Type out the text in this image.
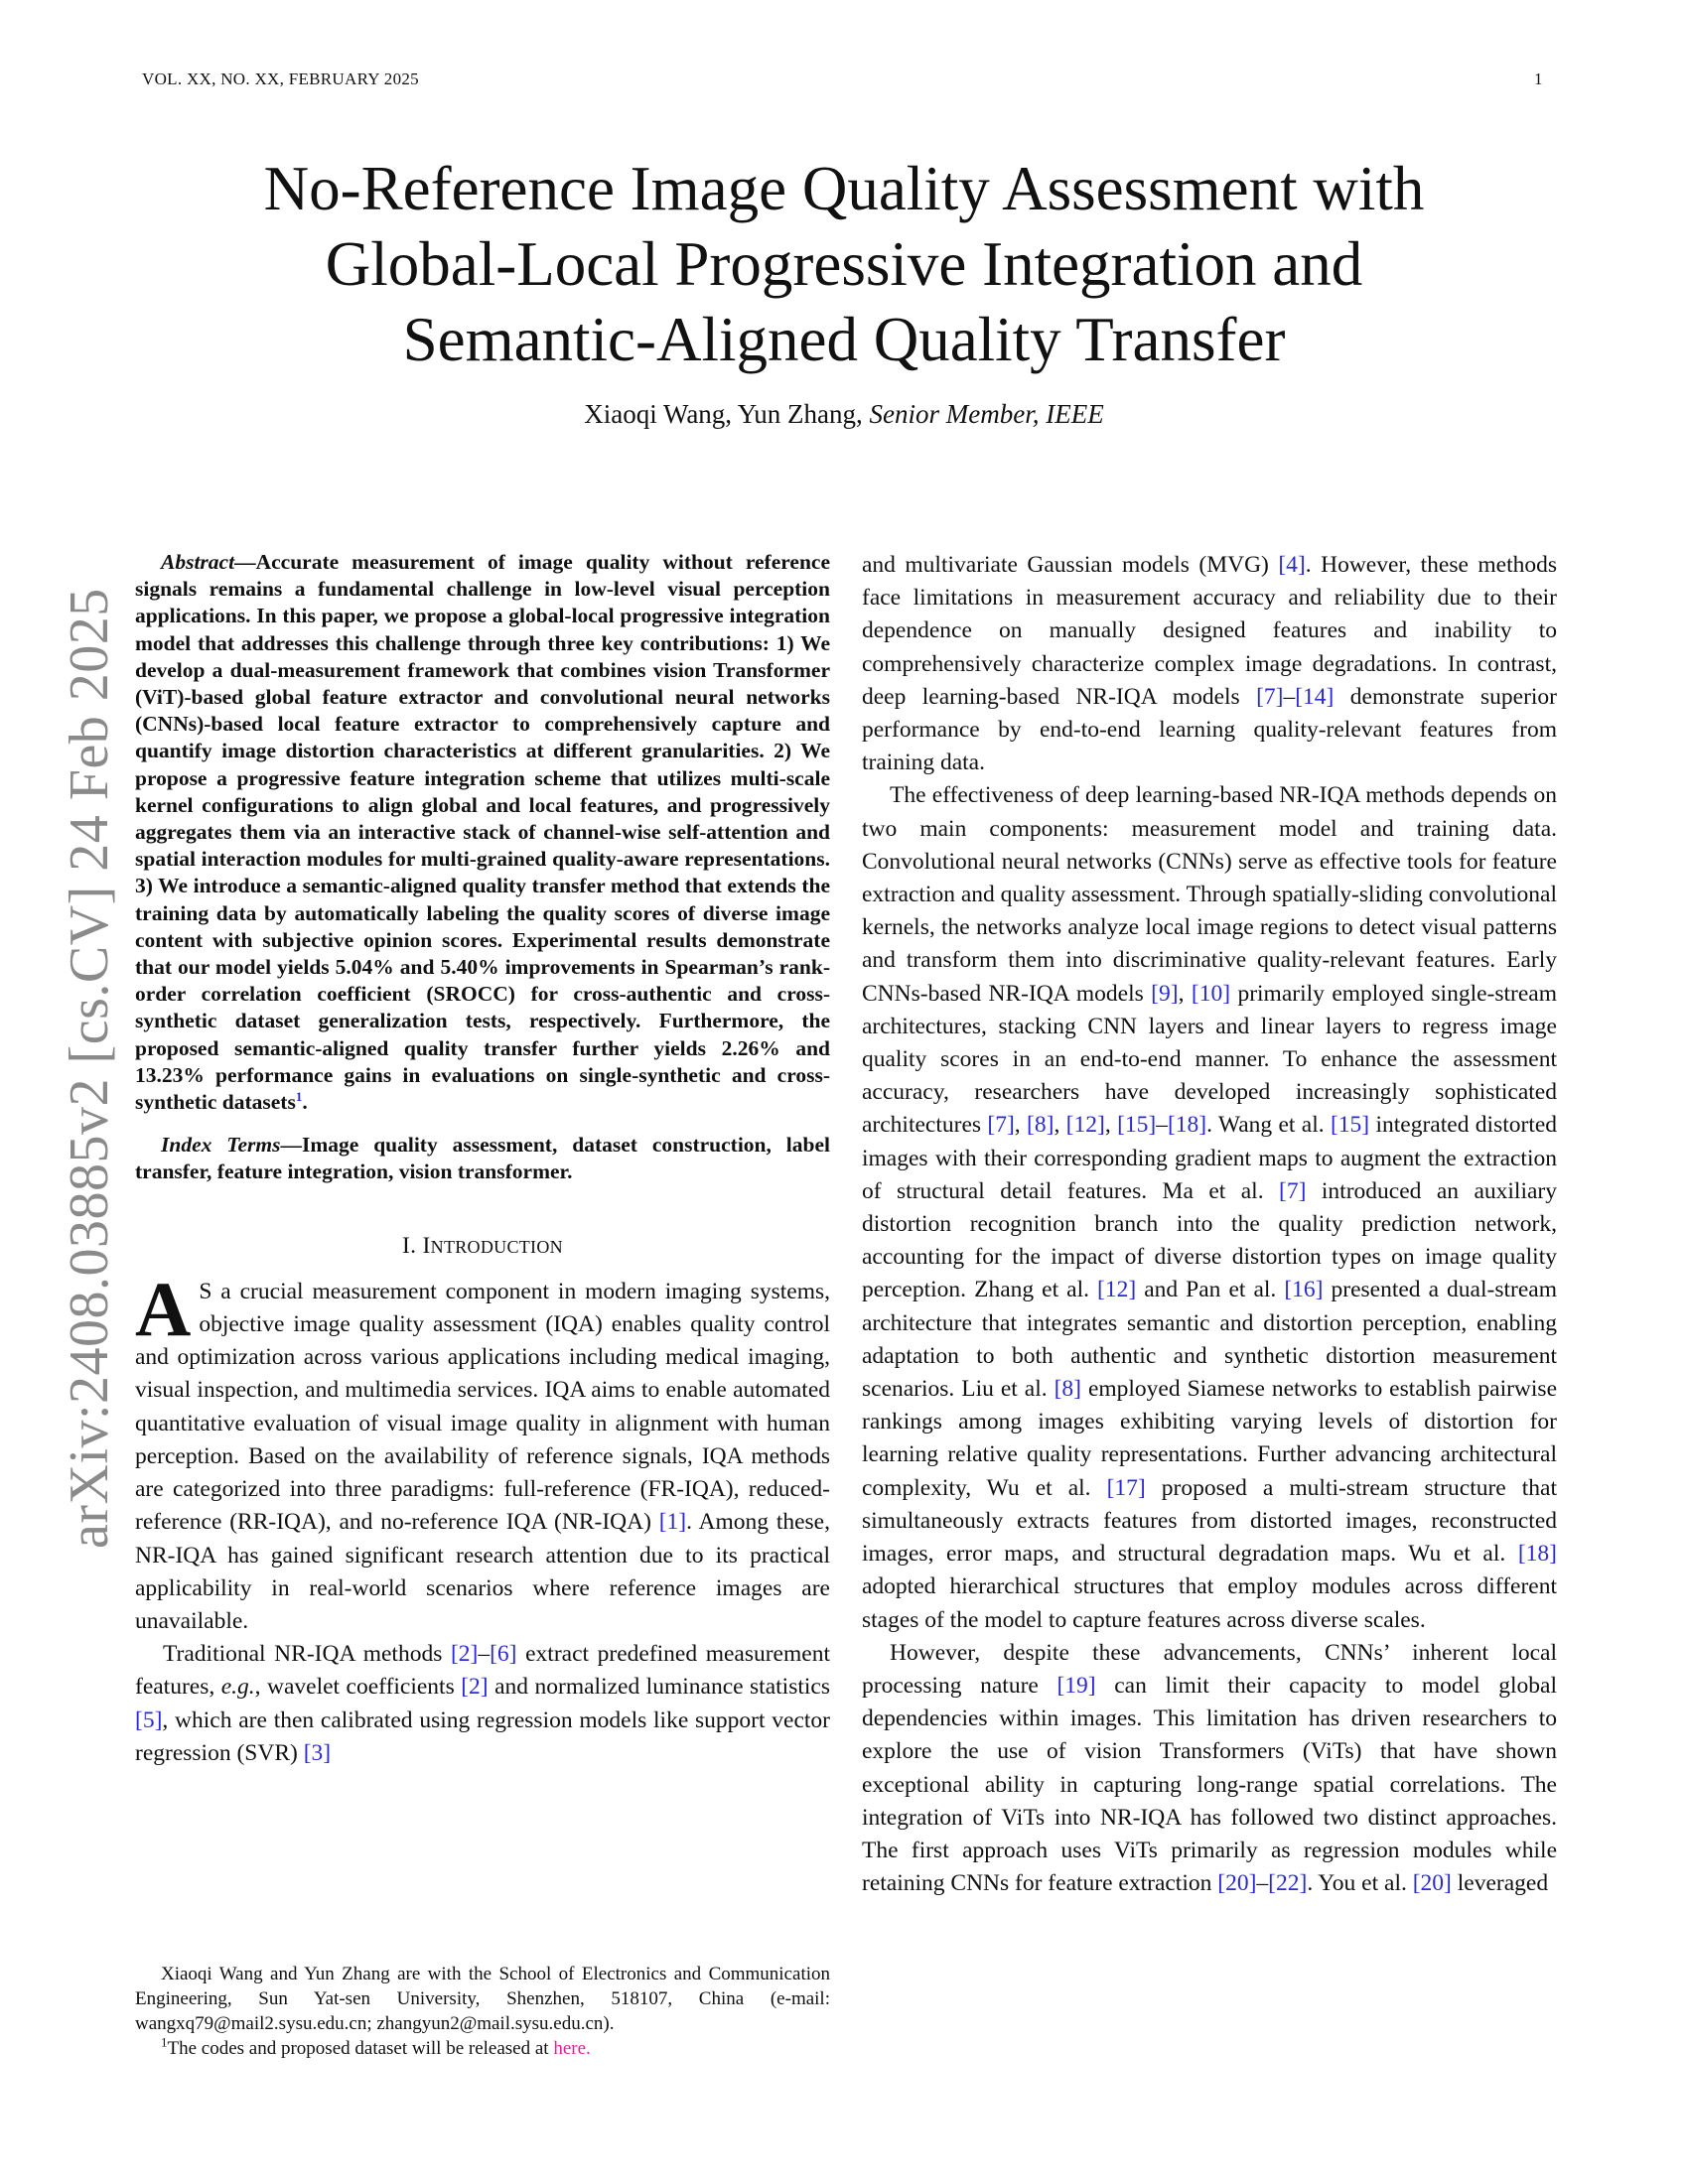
VOL. XX, NO. XX, FEBRUARY 2025	1
arXiv:2408.03885v2 [cs.CV] 24 Feb 2025
No-Reference Image Quality Assessment with
Global-Local Progressive Integration and
Semantic-Aligned Quality Transfer
Xiaoqi Wang, Yun Zhang, Senior Member, IEEE

Abstract—Accurate measurement of image quality without reference signals remains a fundamental challenge in low-level visual perception applications. In this paper, we propose a global-local progressive integration model that addresses this challenge through three key contributions: 1) We develop a dual-measurement framework that combines vision Transformer (ViT)-based global feature extractor and convolutional neural networks (CNNs)-based local feature extractor to comprehensively capture and quantify image distortion characteristics at different granularities. 2) We propose a progressive feature integration scheme that utilizes multi-scale kernel configurations to align global and local features, and progressively aggregates them via an interactive stack of channel-wise self-attention and spatial interaction modules for multi-grained quality-aware representations. 3) We introduce a semantic-aligned quality transfer method that extends the training data by automatically labeling the quality scores of diverse image content with subjective opinion scores. Experimental results demonstrate that our model yields 5.04% and 5.40% improvements in Spearman’s rank-order correlation coefficient (SROCC) for cross-authentic and cross-synthetic dataset generalization tests, respectively. Furthermore, the proposed semantic-aligned quality transfer further yields 2.26% and 13.23% performance gains in evaluations on single-synthetic and cross-synthetic datasets$^1$.

Index Terms—Image quality assessment, dataset construction, label transfer, feature integration, vision transformer.

I. INTRODUCTION

A S a crucial measurement component in modern imaging systems, objective image quality assessment (IQA) enables quality control and optimization across various applications including medical imaging, visual inspection, and multimedia services. IQA aims to enable automated quantitative evaluation of visual image quality in alignment with human perception. Based on the availability of reference signals, IQA methods are categorized into three paradigms: full-reference (FR-IQA), reduced-reference (RR-IQA), and no-reference IQA (NR-IQA) [1]. Among these, NR-IQA has gained significant research attention due to its practical applicability in real-world scenarios where reference images are unavailable.

Traditional NR-IQA methods [2]–[6] extract predefined measurement features, e.g., wavelet coefficients [2] and normalized luminance statistics [5], which are then calibrated using regression models like support vector regression (SVR) [3]

Xiaoqi Wang and Yun Zhang are with the School of Electronics and Communication Engineering, Sun Yat-sen University, Shenzhen, 518107, China (e-mail: wangxq79@mail2.sysu.edu.cn; zhangyun2@mail.sysu.edu.cn).

$^1$The codes and proposed dataset will be released at here.

and multivariate Gaussian models (MVG) [4]. However, these methods face limitations in measurement accuracy and reliability due to their dependence on manually designed features and inability to comprehensively characterize complex image degradations. In contrast, deep learning-based NR-IQA models [7]–[14] demonstrate superior performance by end-to-end learning quality-relevant features from training data.

The effectiveness of deep learning-based NR-IQA methods depends on two main components: measurement model and training data. Convolutional neural networks (CNNs) serve as effective tools for feature extraction and quality assessment. Through spatially-sliding convolutional kernels, the networks analyze local image regions to detect visual patterns and transform them into discriminative quality-relevant features. Early CNNs-based NR-IQA models [9], [10] primarily employed single-stream architectures, stacking CNN layers and linear layers to regress image quality scores in an end-to-end manner. To enhance the assessment accuracy, researchers have developed increasingly sophisticated architectures [7], [8], [12], [15]–[18]. Wang et al. [15] integrated distorted images with their corresponding gradient maps to augment the extraction of structural detail features. Ma et al. [7] introduced an auxiliary distortion recognition branch into the quality prediction network, accounting for the impact of diverse distortion types on image quality perception. Zhang et al. [12] and Pan et al. [16] presented a dual-stream architecture that integrates semantic and distortion perception, enabling adaptation to both authentic and synthetic distortion measurement scenarios. Liu et al. [8] employed Siamese networks to establish pairwise rankings among images exhibiting varying levels of distortion for learning relative quality representations. Further advancing architectural complexity, Wu et al. [17] proposed a multi-stream structure that simultaneously extracts features from distorted images, reconstructed images, error maps, and structural degradation maps. Wu et al. [18] adopted hierarchical structures that employ modules across different stages of the model to capture features across diverse scales.

However, despite these advancements, CNNs’ inherent local processing nature [19] can limit their capacity to model global dependencies within images. This limitation has driven researchers to explore the use of vision Transformers (ViTs) that have shown exceptional ability in capturing long-range spatial correlations. The integration of ViTs into NR-IQA has followed two distinct approaches. The first approach uses ViTs primarily as regression modules while retaining CNNs for feature extraction [20]–[22]. You et al. [20] leveraged
